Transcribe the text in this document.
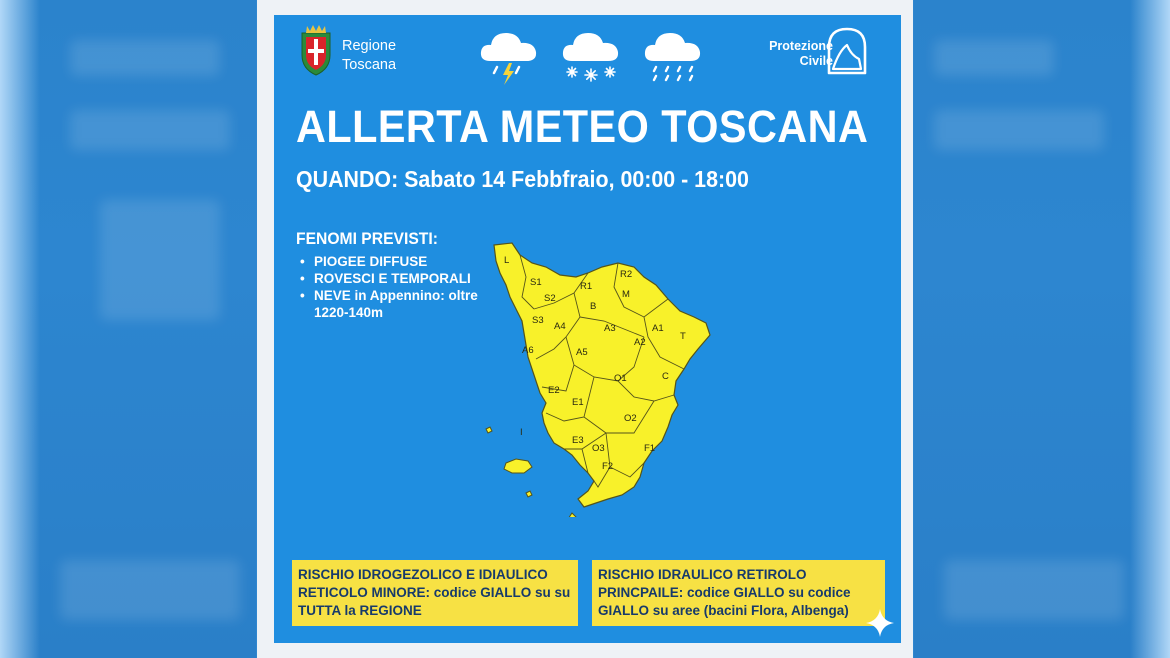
Regione
Toscana
Protezione
Civile
ALLERTA METEO TOSCANA
QUANDO: Sabato 14 Febbfraio, 00:00 - 18:00
FENOMI PREVISTI:
• PIOGEE DIFFUSE
• ROVESCI E TEMPORALI
• NEVE in Appennino: oltre 1220-140m
L
S1
S2
S3
A6
R2
R1
M
B
A4	A3	A1
T
A2
A5
O1	C
E2
E1
O2
I
E3
O3	F1
F2
RISCHIO IDROGEZOLICO E IDIAULICO RETICOLO MINORE: codice GIALLO su su TUTTA la REGIONE
RISCHIO IDRAULICO RETIROLO PRINCPAILE: codice GIALLO su codice GIALLO su aree (bacini Flora, Albenga)
